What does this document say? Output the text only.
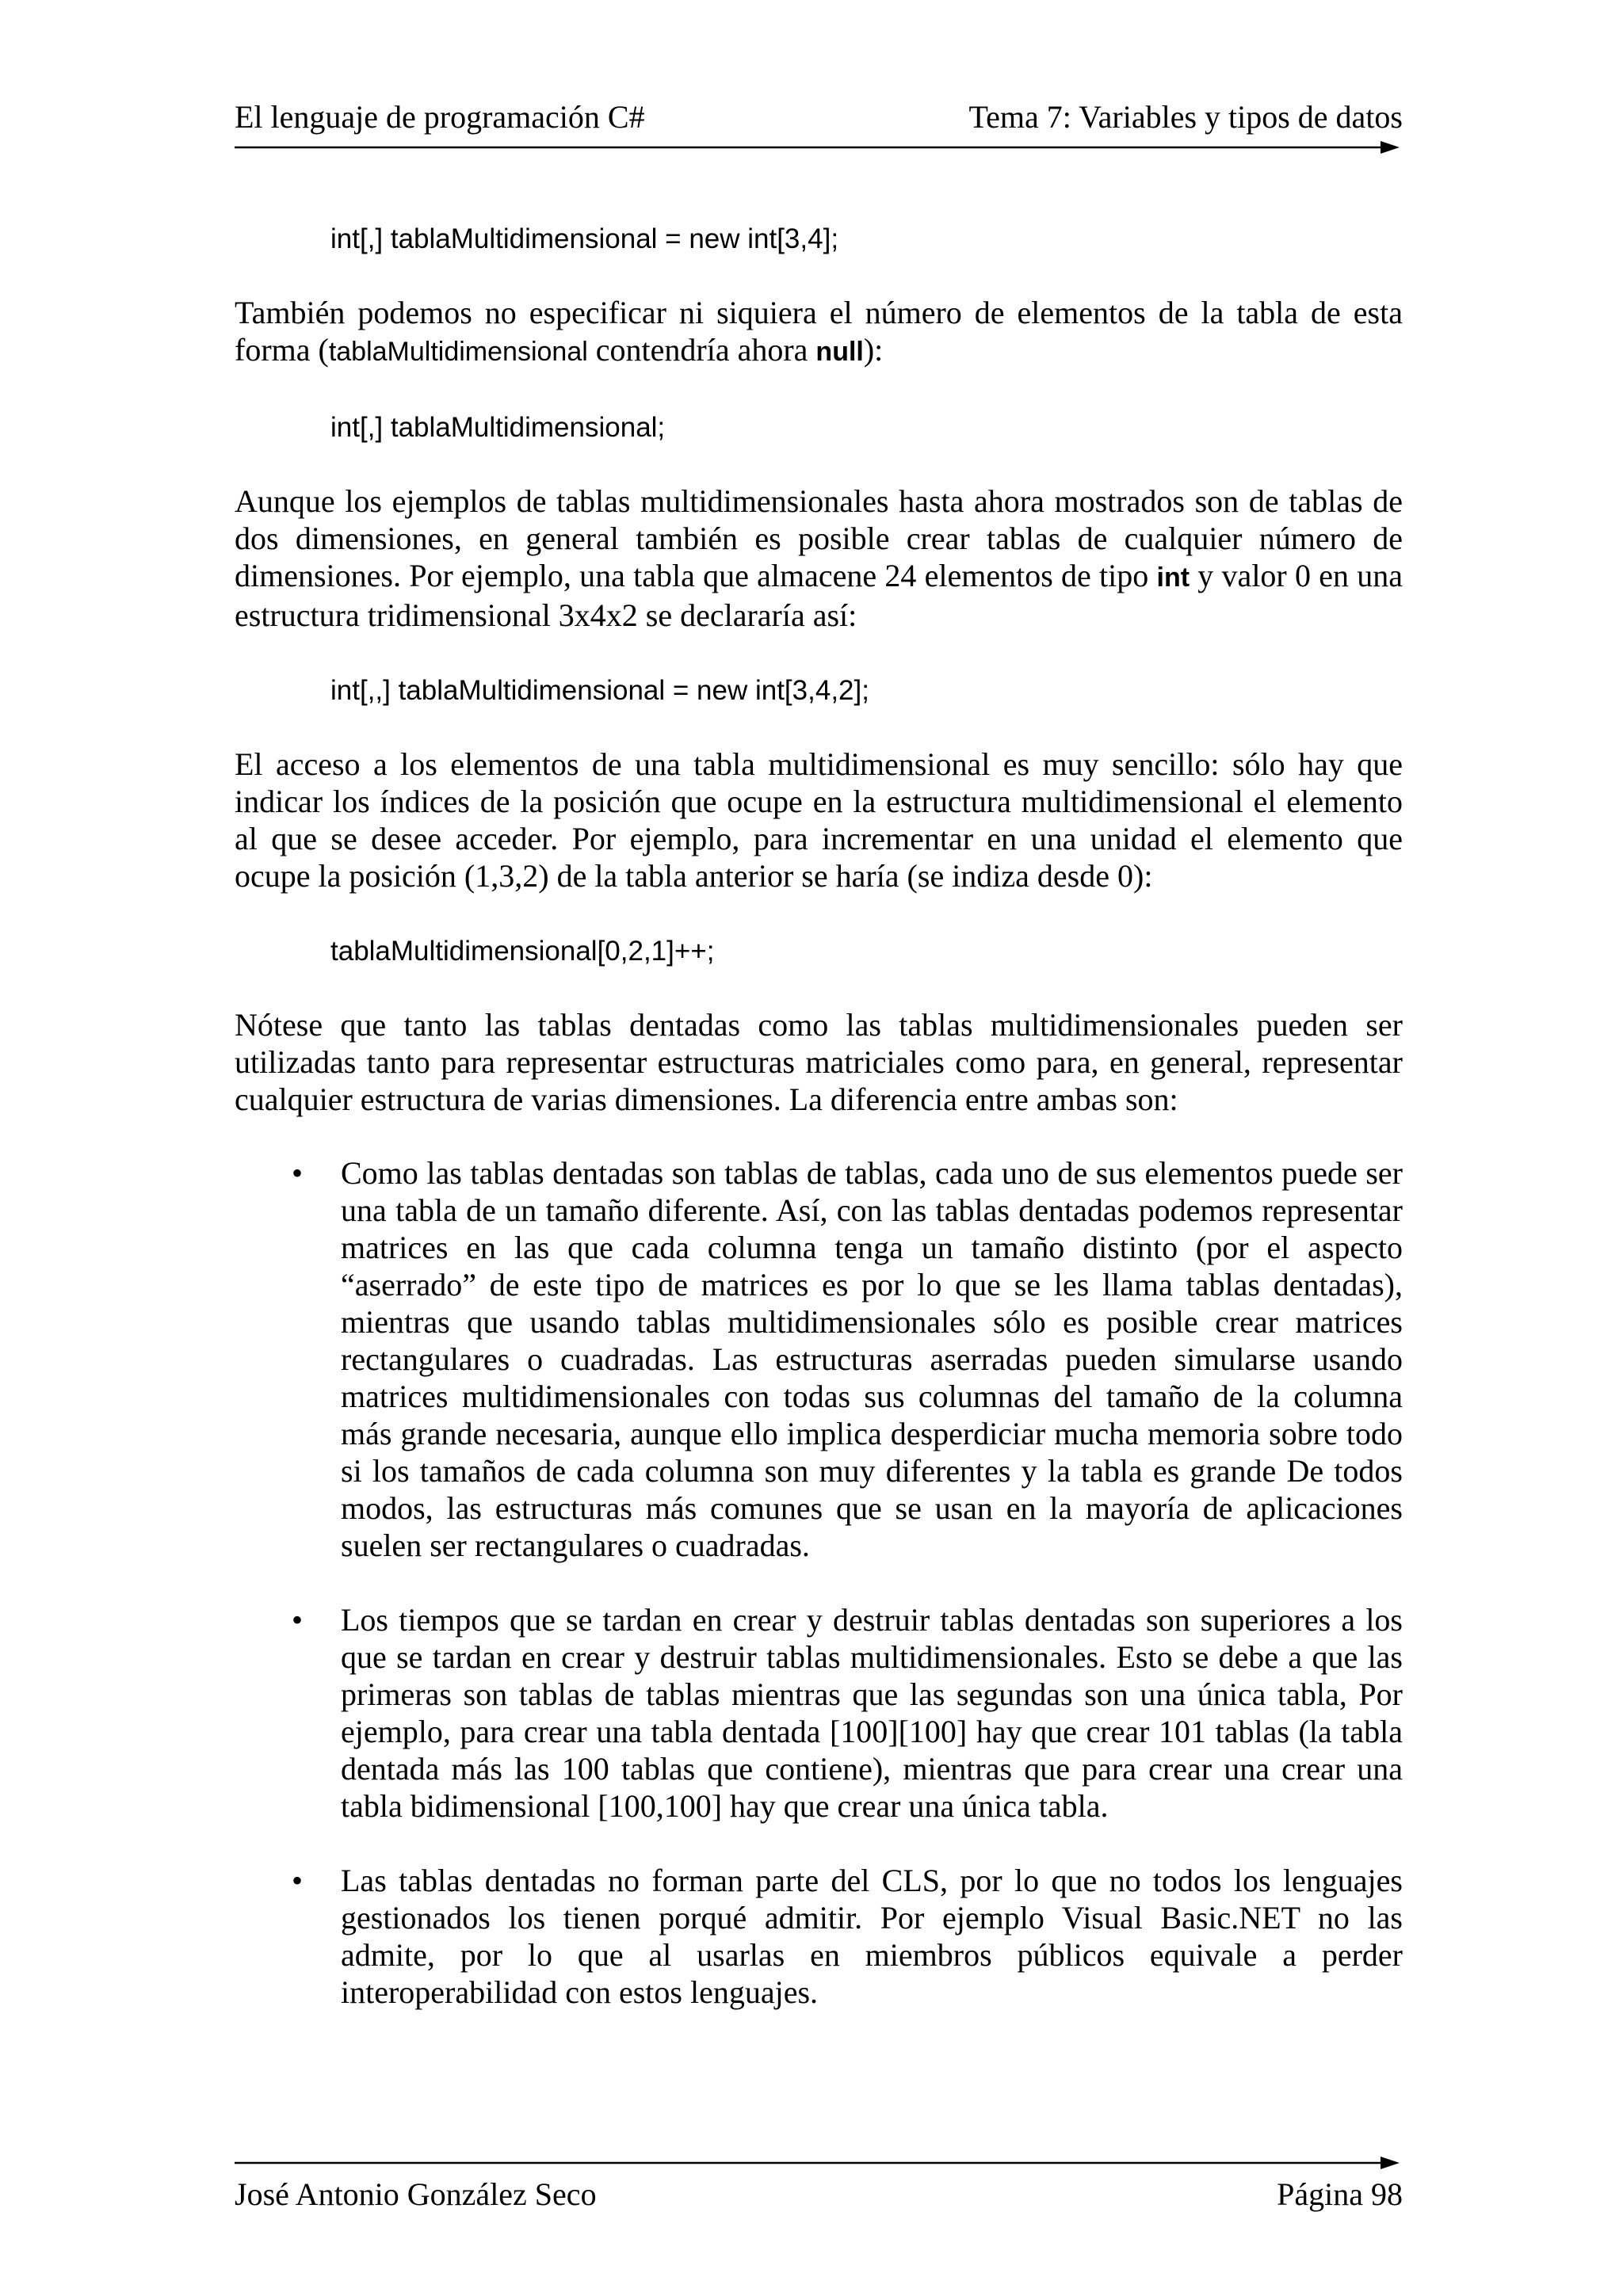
El lenguaje de programación C#	Tema 7: Variables y tipos de datos

int[,] tablaMultidimensional = new int[3,4];

También podemos no especificar ni siquiera el número de elementos de la tabla de esta forma (tablaMultidimensional contendría ahora null):

int[,] tablaMultidimensional;

Aunque los ejemplos de tablas multidimensionales hasta ahora mostrados son de tablas de dos dimensiones, en general también es posible crear tablas de cualquier número de dimensiones. Por ejemplo, una tabla que almacene 24 elementos de tipo int y valor 0 en una estructura tridimensional 3x4x2 se declararía así:

int[,,] tablaMultidimensional = new int[3,4,2];

El acceso a los elementos de una tabla multidimensional es muy sencillo: sólo hay que indicar los índices de la posición que ocupe en la estructura multidimensional el elemento al que se desee acceder. Por ejemplo, para incrementar en una unidad el elemento que ocupe la posición (1,3,2) de la tabla anterior se haría (se indiza desde 0):

tablaMultidimensional[0,2,1]++;

Nótese que tanto las tablas dentadas como las tablas multidimensionales pueden ser utilizadas tanto para representar estructuras matriciales como para, en general, representar cualquier estructura de varias dimensiones. La diferencia entre ambas son:

•	Como las tablas dentadas son tablas de tablas, cada uno de sus elementos puede ser una tabla de un tamaño diferente. Así, con las tablas dentadas podemos representar matrices en las que cada columna tenga un tamaño distinto (por el aspecto “aserrado” de este tipo de matrices es por lo que se les llama tablas dentadas), mientras que usando tablas multidimensionales sólo es posible crear matrices rectangulares o cuadradas. Las estructuras aserradas pueden simularse usando matrices multidimensionales con todas sus columnas del tamaño de la columna más grande necesaria, aunque ello implica desperdiciar mucha memoria sobre todo si los tamaños de cada columna son muy diferentes y la tabla es grande De todos modos, las estructuras más comunes que se usan en la mayoría de aplicaciones suelen ser rectangulares o cuadradas.
•	Los tiempos que se tardan en crear y destruir tablas dentadas son superiores a los que se tardan en crear y destruir tablas multidimensionales. Esto se debe a que las primeras son tablas de tablas mientras que las segundas son una única tabla, Por ejemplo, para crear una tabla dentada [100][100] hay que crear 101 tablas (la tabla dentada más las 100 tablas que contiene), mientras que para crear una crear una tabla bidimensional [100,100] hay que crear una única tabla.
•	Las tablas dentadas no forman parte del CLS, por lo que no todos los lenguajes gestionados los tienen porqué admitir. Por ejemplo Visual Basic.NET no las admite, por lo que al usarlas en miembros públicos equivale a perder interoperabilidad con estos lenguajes.
José Antonio González Seco	Página 98
